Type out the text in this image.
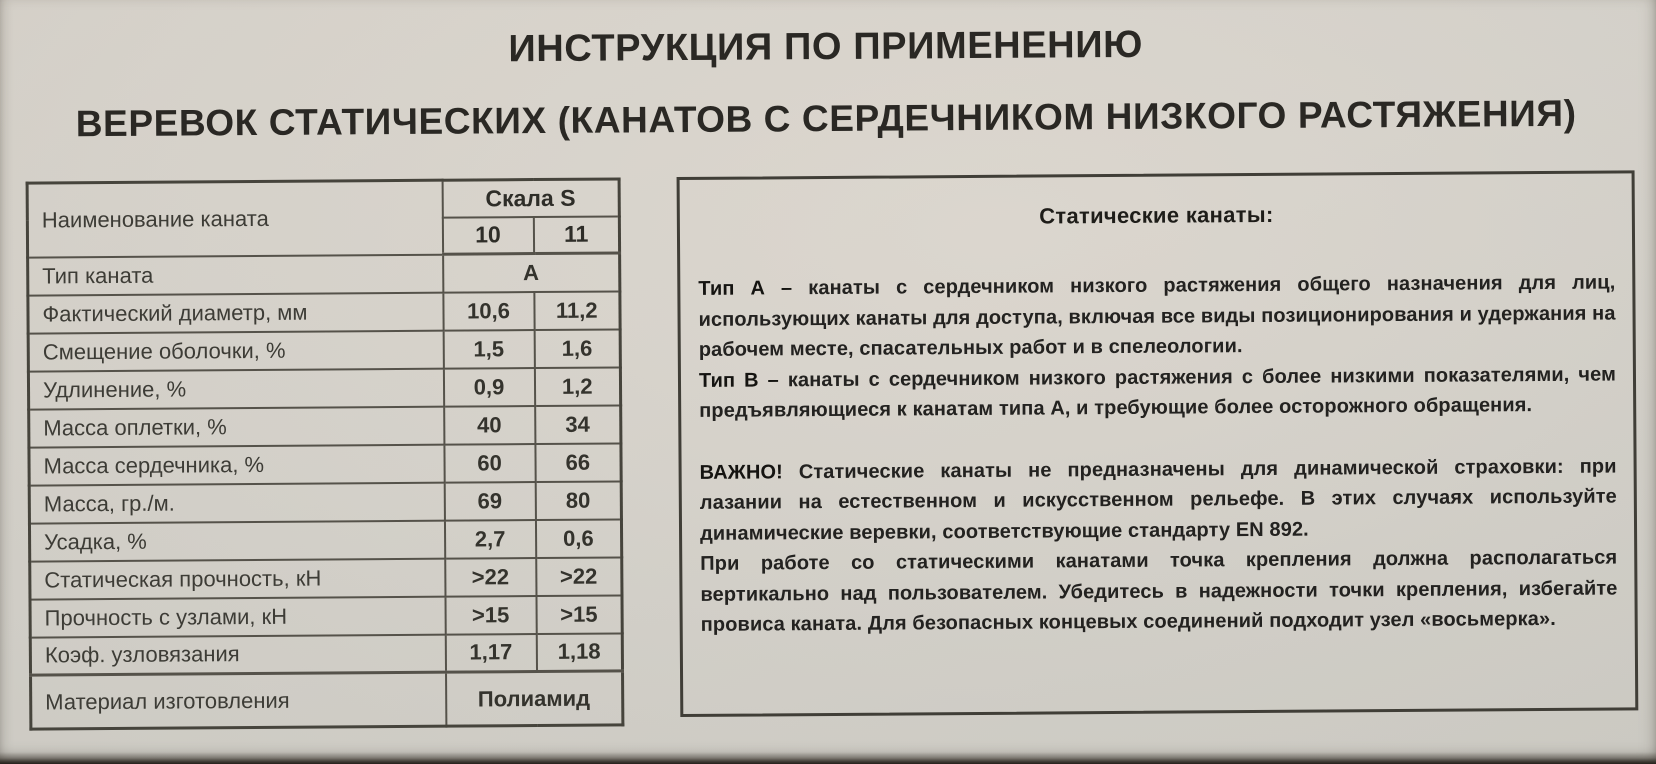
ИНСТРУКЦИЯ ПО ПРИМЕНЕНИЮ
ВЕРЕВОК СТАТИЧЕСКИХ (КАНАТОВ С СЕРДЕЧНИКОМ НИЗКОГО РАСТЯЖЕНИЯ)
Наименование каната	Скала S	
	10	11
Тип каната	А	
Фактический диаметр, мм	10,6	11,2
Смещение оболочки, %	1,5	1,6
Удлинение, %	0,9	1,2
Масса оплетки, %	40	34
Масса сердечника, %	60	66
Масса, гр./м.	69	80
Усадка, %	2,7	0,6
Статическая прочность, кН	>22	>22
Прочность с узлами, кН	>15	>15
Коэф. узловязания	1,17	1,18
Материал изготовления	Полиамид	
Статические канаты:

Тип А – канаты с сердечником низкого растяжения общего назначения для лиц, использующих канаты для доступа, включая все виды позиционирования и удержания на рабочем месте, спасательных работ и в спелеологии.

Тип В – канаты с сердечником низкого растяжения с более низкими показателями, чем предъявляющиеся к канатам типа А, и требующие более осторожного обращения.

ВАЖНО! Статические канаты не предназначены для динамической страховки: при лазании на естественном и искусственном рельефе. В этих случаях используйте динамические веревки, соответствующие стандарту EN 892.

При работе со статическими канатами точка крепления должна располагаться вертикально над пользователем. Убедитесь в надежности точки крепления, избегайте провиса каната. Для безопасных концевых соединений подходит узел «восьмерка».
